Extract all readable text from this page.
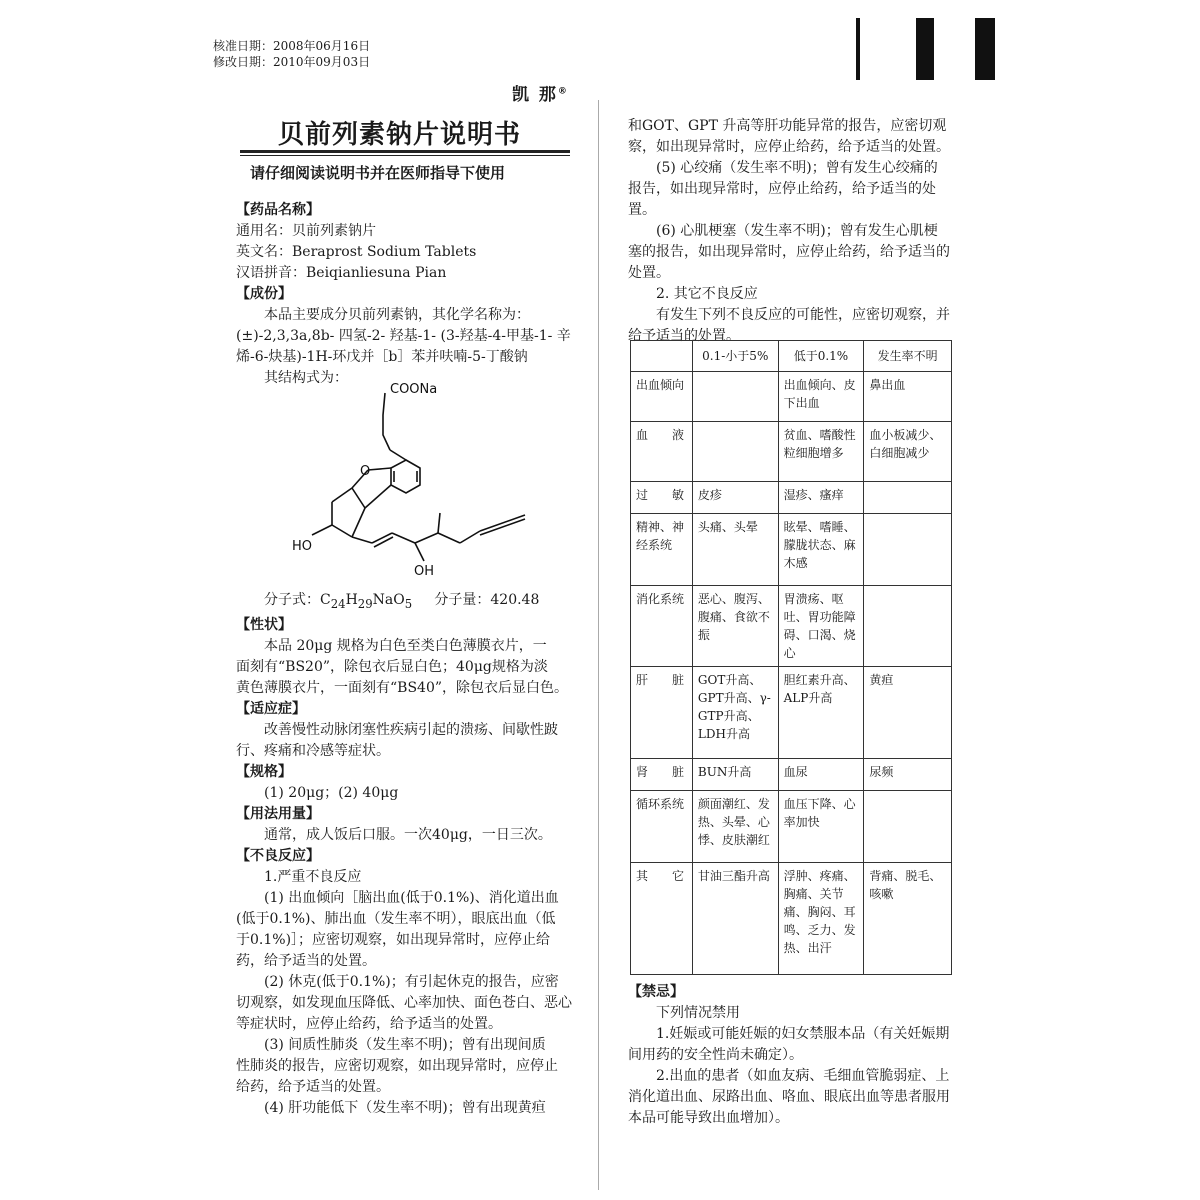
核准日期：2008年06月16日
修改日期：2010年09月03日
凯 那®
贝前列素钠片说明书
请仔细阅读说明书并在医师指导下使用

【药品名称】

通用名：贝前列素钠片

英文名：Beraprost Sodium Tablets

汉语拼音：Beiqianliesuna Pian

【成份】

本品主要成分贝前列素钠，其化学名称为：

(±)-2,3,3a,8b- 四氢-2- 羟基-1- (3-羟基-4-甲基-1- 辛

烯-6-炔基)-1H-环戊并［b］苯并呋喃-5-丁酸钠

其结构式为：

COONa
O
HO
OH

分子式：$C_{24}H_{29}NaO_5$ 分子量：420.48

【性状】

本品 20μg 规格为白色至类白色薄膜衣片，一

面刻有“BS20”，除包衣后显白色；40μg规格为淡

黄色薄膜衣片，一面刻有“BS40”，除包衣后显白色。

【适应症】

改善慢性动脉闭塞性疾病引起的溃疡、间歇性跛

行、疼痛和冷感等症状。

【规格】

(1) 20μg；(2) 40μg

【用法用量】

通常，成人饭后口服。一次40μg，一日三次。

【不良反应】

1.严重不良反应

(1) 出血倾向［脑出血(低于0.1%)、消化道出血

(低于0.1%)、肺出血（发生率不明），眼底出血（低

于0.1%)］；应密切观察，如出现异常时，应停止给

药，给予适当的处置。

(2) 休克(低于0.1%)；有引起休克的报告，应密

切观察，如发现血压降低、心率加快、面色苍白、恶心

等症状时，应停止给药，给予适当的处置。

(3) 间质性肺炎（发生率不明)；曾有出现间质

性肺炎的报告，应密切观察，如出现异常时，应停止

给药，给予适当的处置。

(4) 肝功能低下（发生率不明)；曾有出现黄疸

和GOT、GPT 升高等肝功能异常的报告，应密切观

察，如出现异常时，应停止给药，给予适当的处置。

(5) 心绞痛（发生率不明)；曾有发生心绞痛的

报告，如出现异常时，应停止给药，给予适当的处置。

(6) 心肌梗塞（发生率不明)；曾有发生心肌梗

塞的报告，如出现异常时，应停止给药，给予适当的

处置。

2. 其它不良反应

有发生下列不良反应的可能性，应密切观察，并

给予适当的处置。

	0.1-小于5%	低于0.1%	发生率不明
出血倾向		出血倾向、皮下出血	鼻出血
血　　液		贫血、嗜酸性粒细胞增多	血小板减少、白细胞减少
过　　敏	皮疹	湿疹、瘙痒	
精神、神经系统	头痛、头晕	眩晕、嗜睡、朦胧状态、麻木感	
消化系统	恶心、腹泻、腹痛、食欲不振	胃溃疡、呕吐、胃功能障碍、口渴、烧心	
肝　　脏	GOT升高、GPT升高、γ-GTP升高、LDH升高	胆红素升高、ALP升高	黄疸
肾　　脏	BUN升高	血尿	尿频
循环系统	颜面潮红、发热、头晕、心悸、皮肤潮红	血压下降、心率加快	
其　　它	甘油三酯升高	浮肿、疼痛、胸痛、关节痛、胸闷、耳鸣、乏力、发热、出汗	背痛、脱毛、咳嗽

【禁忌】

下列情况禁用

1.妊娠或可能妊娠的妇女禁服本品（有关妊娠期

间用药的安全性尚未确定）。

2.出血的患者（如血友病、毛细血管脆弱症、上

消化道出血、尿路出血、咯血、眼底出血等患者服用

本品可能导致出血增加）。
